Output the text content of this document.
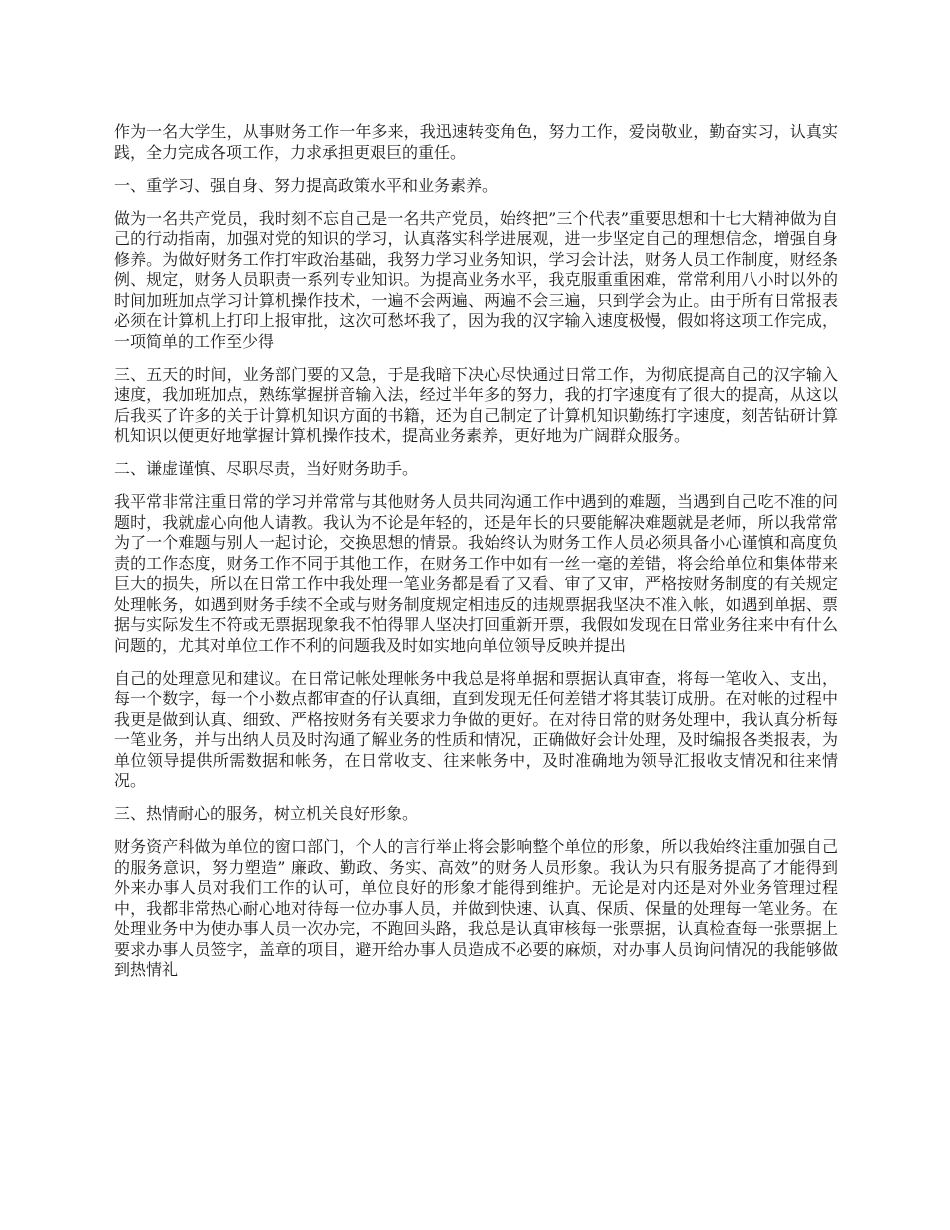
作为一名大学生，从事财务工作一年多来，我迅速转变角色，努力工作，爱岗敬业，勤奋实习，认真实践，全力完成各项工作，力求承担更艰巨的重任。

一、重学习、强自身、努力提高政策水平和业务素养。

做为一名共产党员，我时刻不忘自己是一名共产党员，始终把”三个代表”重要思想和十七大精神做为自己的行动指南，加强对党的知识的学习，认真落实科学进展观，进一步坚定自己的理想信念，增强自身修养。为做好财务工作打牢政治基础，我努力学习业务知识，学习会计法，财务人员工作制度，财经条例、规定，财务人员职责一系列专业知识。为提高业务水平，我克服重重困难，常常利用八小时以外的时间加班加点学习计算机操作技术，一遍不会两遍、两遍不会三遍，只到学会为止。由于所有日常报表必须在计算机上打印上报审批，这次可愁坏我了，因为我的汉字输入速度极慢，假如将这项工作完成，一项简单的工作至少得

三、五天的时间，业务部门要的又急，于是我暗下决心尽快通过日常工作，为彻底提高自己的汉字输入速度，我加班加点，熟练掌握拼音输入法，经过半年多的努力，我的打字速度有了很大的提高，从这以后我买了许多的关于计算机知识方面的书籍，还为自己制定了计算机知识勤练打字速度，刻苦钻研计算机知识以便更好地掌握计算机操作技术，提高业务素养，更好地为广阔群众服务。

二、谦虚谨慎、尽职尽责，当好财务助手。

我平常非常注重日常的学习并常常与其他财务人员共同沟通工作中遇到的难题，当遇到自己吃不准的问题时，我就虚心向他人请教。我认为不论是年轻的，还是年长的只要能解决难题就是老师，所以我常常为了一个难题与别人一起讨论，交换思想的情景。我始终认为财务工作人员必须具备小心谨慎和高度负责的工作态度，财务工作不同于其他工作，在财务工作中如有一丝一毫的差错，将会给单位和集体带来巨大的损失，所以在日常工作中我处理一笔业务都是看了又看、审了又审，严格按财务制度的有关规定处理帐务，如遇到财务手续不全或与财务制度规定相违反的违规票据我坚决不准入帐，如遇到单据、票据与实际发生不符或无票据现象我不怕得罪人坚决打回重新开票，我假如发现在日常业务往来中有什么问题的，尤其对单位工作不利的问题我及时如实地向单位领导反映并提出

自己的处理意见和建议。在日常记帐处理帐务中我总是将单据和票据认真审查，将每一笔收入、支出，每一个数字，每一个小数点都审查的仔认真细，直到发现无任何差错才将其装订成册。在对帐的过程中我更是做到认真、细致、严格按财务有关要求力争做的更好。在对待日常的财务处理中，我认真分析每一笔业务，并与出纳人员及时沟通了解业务的性质和情况，正确做好会计处理，及时编报各类报表，为单位领导提供所需数据和帐务，在日常收支、往来帐务中，及时准确地为领导汇报收支情况和往来情况。

三、热情耐心的服务，树立机关良好形象。

财务资产科做为单位的窗口部门，个人的言行举止将会影响整个单位的形象，所以我始终注重加强自己的服务意识，努力塑造” 廉政、勤政、务实、高效”的财务人员形象。我认为只有服务提高了才能得到外来办事人员对我们工作的认可，单位良好的形象才能得到维护。无论是对内还是对外业务管理过程中，我都非常热心耐心地对待每一位办事人员，并做到快速、认真、保质、保量的处理每一笔业务。在处理业务中为使办事人员一次办完，不跑回头路，我总是认真审核每一张票据，认真检查每一张票据上要求办事人员签字，盖章的项目，避开给办事人员造成不必要的麻烦，对办事人员询问情况的我能够做到热情礼
